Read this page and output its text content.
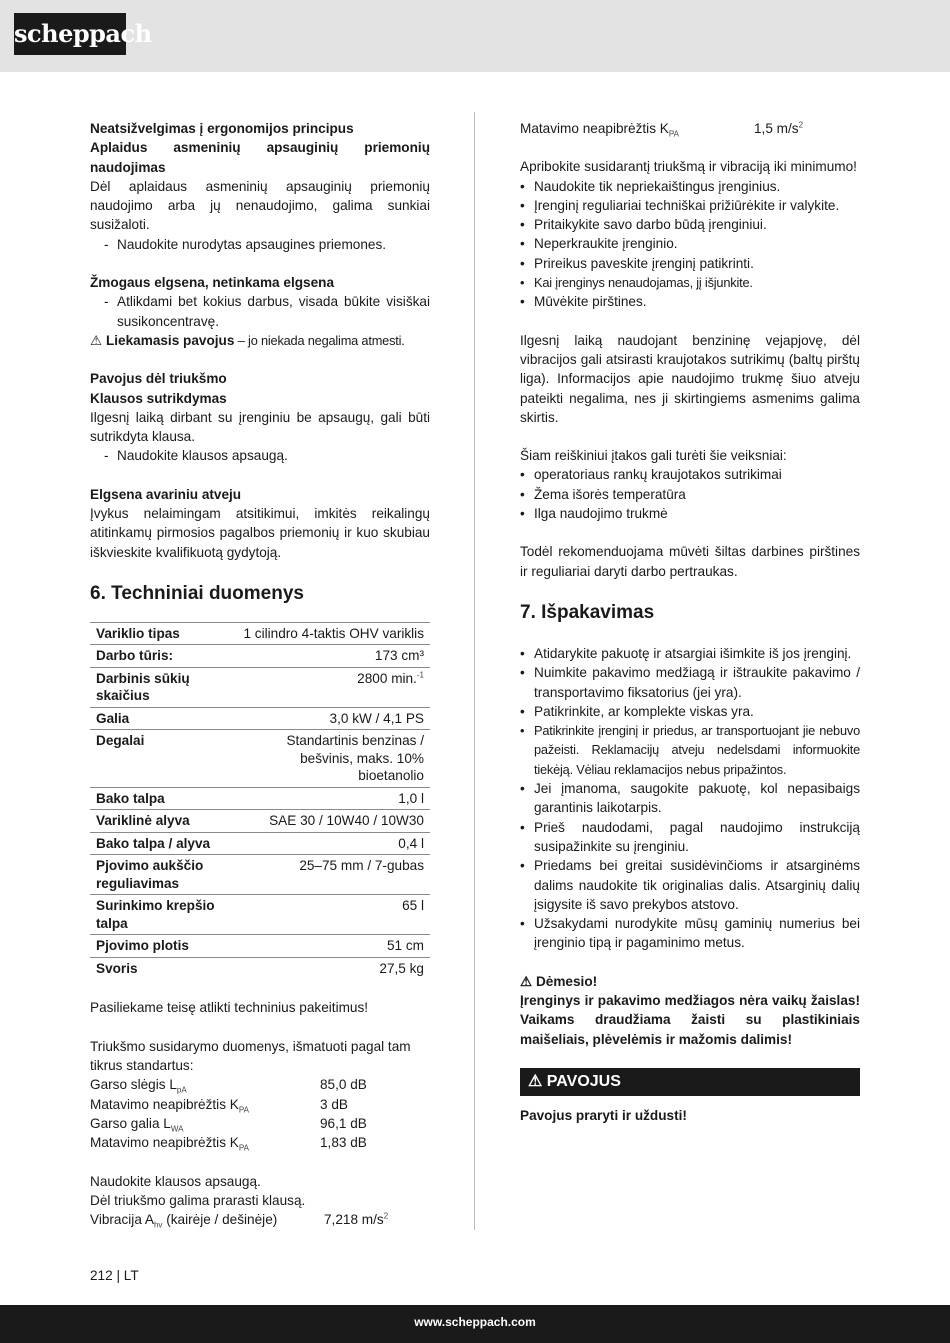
scheppach

Neatsižvelgimas į ergonomijos principus

Aplaidus asmeninių apsauginių priemonių naudojimas

Dėl aplaidaus asmeninių apsauginių priemonių naudojimo arba jų nenaudojimo, galima sunkiai susižaloti.

- Naudokite nurodytas apsaugines priemones.

Žmogaus elgsena, netinkama elgsena

- Atlikdami bet kokius darbus, visada būkite visiškai susikoncentravę.

⚠ Liekamasis pavojus – jo niekada negalima atmesti.

Pavojus dėl triukšmo

Klausos sutrikdymas

Ilgesnį laiką dirbant su įrenginiu be apsaugų, gali būti sutrikdyta klausa.

- Naudokite klausos apsaugą.

Elgsena avariniu atveju

Įvykus nelaimingam atsitikimui, imkitės reikalingų atitinkamų pirmosios pagalbos priemonių ir kuo skubiau iškvieskite kvalifikuotą gydytoją.

6. Techniniai duomenys
Variklio tipas	1 cilindro 4-taktis OHV variklis
Darbo tūris:	173 cm³
Darbinis sūkių skaičius	2800 min.$^{-1}$
Galia	3,0 kW / 4,1 PS
Degalai	Standartinis benzinas / bešvinis, maks. 10% bioetanolio
Bako talpa	1,0 l
Variklinė alyva	SAE 30 / 10W40 / 10W30
Bako talpa / alyva	0,4 l
Pjovimo aukščio reguliavimas	25–75 mm / 7-gubas
Surinkimo krepšio talpa	65 l
Pjovimo plotis	51 cm
Svoris	27,5 kg

Pasiliekame teisę atlikti techninius pakeitimus!

Triukšmo susidarymo duomenys, išmatuoti pagal tam tikrus standartus:

Garso slėgis $L_{pA}$	85,0 dB
Matavimo neapibrėžtis $K_{PA}$	3 dB
Garso galia $L_{WA}$	96,1 dB
Matavimo neapibrėžtis $K_{PA}$	1,83 dB

Naudokite klausos apsaugą.

Dėl triukšmo galima prarasti klausą.

Vibracija $A_{hv}$ (kairėje / dešinėje)	7,218 $m/s^2$
Matavimo neapibrėžtis $K_{PA}$	1,5 $m/s^2$

Apribokite susidarantį triukšmą ir vibraciją iki minimumo!

• Naudokite tik nepriekaištingus įrenginius.

• Įrenginį reguliariai techniškai prižiūrėkite ir valykite.

• Pritaikykite savo darbo būdą įrenginiui.

• Neperkraukite įrenginio.

• Prireikus paveskite įrenginį patikrinti.

• Kai įrenginys nenaudojamas, jį išjunkite.

• Mūvėkite pirštines.

Ilgesnį laiką naudojant benzininę vejapjovę, dėl vibracijos gali atsirasti kraujotakos sutrikimų (baltų pirštų liga). Informacijos apie naudojimo trukmę šiuo atveju pateikti negalima, nes ji skirtingiems asmenims galima skirtis.

Šiam reiškiniui įtakos gali turėti šie veiksniai:

• operatoriaus rankų kraujotakos sutrikimai

• Žema išorės temperatūra

• Ilga naudojimo trukmė

Todėl rekomenduojama mūvėti šiltas darbines pirštines ir reguliariai daryti darbo pertraukas.

7. Išpakavimas

• Atidarykite pakuotę ir atsargiai išimkite iš jos įrenginį.

• Nuimkite pakavimo medžiagą ir ištraukite pakavimo / transportavimo fiksatorius (jei yra).

• Patikrinkite, ar komplekte viskas yra.

• Patikrinkite įrenginį ir priedus, ar transportuojant jie nebuvo pažeisti. Reklamacijų atveju nedelsdami informuokite tiekėją. Vėliau reklamacijos nebus pripažintos.

• Jei įmanoma, saugokite pakuotę, kol nepasibaigs garantinis laikotarpis.

• Prieš naudodami, pagal naudojimo instrukciją susipažinkite su įrenginiu.

• Priedams bei greitai susidėvinčioms ir atsarginėms dalims naudokite tik originalias dalis. Atsarginių dalių įsigysite iš savo prekybos atstovo.

• Užsakydami nurodykite mūsų gaminių numerius bei įrenginio tipą ir pagaminimo metus.

⚠ Dėmesio!

Įrenginys ir pakavimo medžiagos nėra vaikų žaislas! Vaikams draudžiama žaisti su plastikiniais maišeliais, plėvelėmis ir mažomis dalimis!

⚠ PAVOJUS

Pavojus praryti ir uždusti!

212 | LT
www.scheppach.com
